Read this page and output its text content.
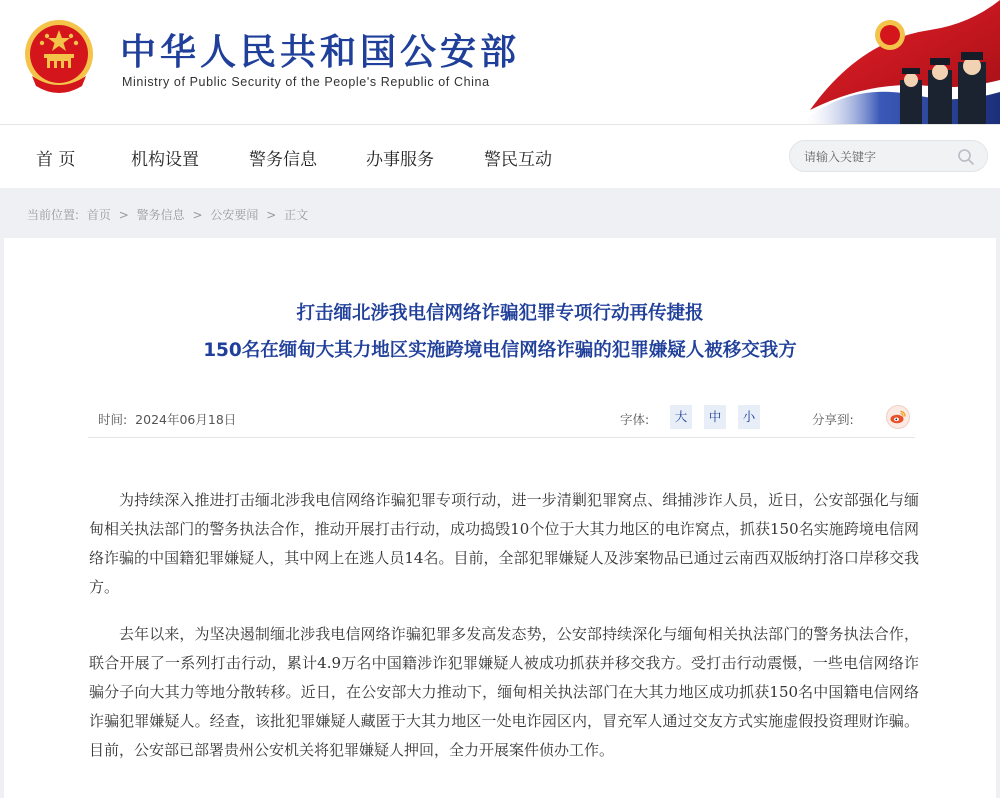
中华人民共和国公安部
Ministry of Public Security of the People's Republic of China
首 页	机构设置	警务信息	办事服务	警民互动
请输入关键字
当前位置: 首页 > 警务信息 > 公安要闻 > 正文
打击缅北涉我电信网络诈骗犯罪专项行动再传捷报
150名在缅甸大其力地区实施跨境电信网络诈骗的犯罪嫌疑人被移交我方
时间: 2024年06月18日	字体:	大	中	小	分享到:

为持续深入推进打击缅北涉我电信网络诈骗犯罪专项行动，进一步清剿犯罪窝点、缉捕涉诈人员，近日，公安部强化与缅甸相关执法部门的警务执法合作，推动开展打击行动，成功捣毁10个位于大其力地区的电诈窝点，抓获150名实施跨境电信网络诈骗的中国籍犯罪嫌疑人，其中网上在逃人员14名。目前，全部犯罪嫌疑人及涉案物品已通过云南西双版纳打洛口岸移交我方。

去年以来，为坚决遏制缅北涉我电信网络诈骗犯罪多发高发态势，公安部持续深化与缅甸相关执法部门的警务执法合作，联合开展了一系列打击行动，累计4.9万名中国籍涉诈犯罪嫌疑人被成功抓获并移交我方。受打击行动震慑，一些电信网络诈骗分子向大其力等地分散转移。近日，在公安部大力推动下，缅甸相关执法部门在大其力地区成功抓获150名中国籍电信网络诈骗犯罪嫌疑人。经查，该批犯罪嫌疑人藏匿于大其力地区一处电诈园区内，冒充军人通过交友方式实施虚假投资理财诈骗。目前，公安部已部署贵州公安机关将犯罪嫌疑人押回，全力开展案件侦办工作。
